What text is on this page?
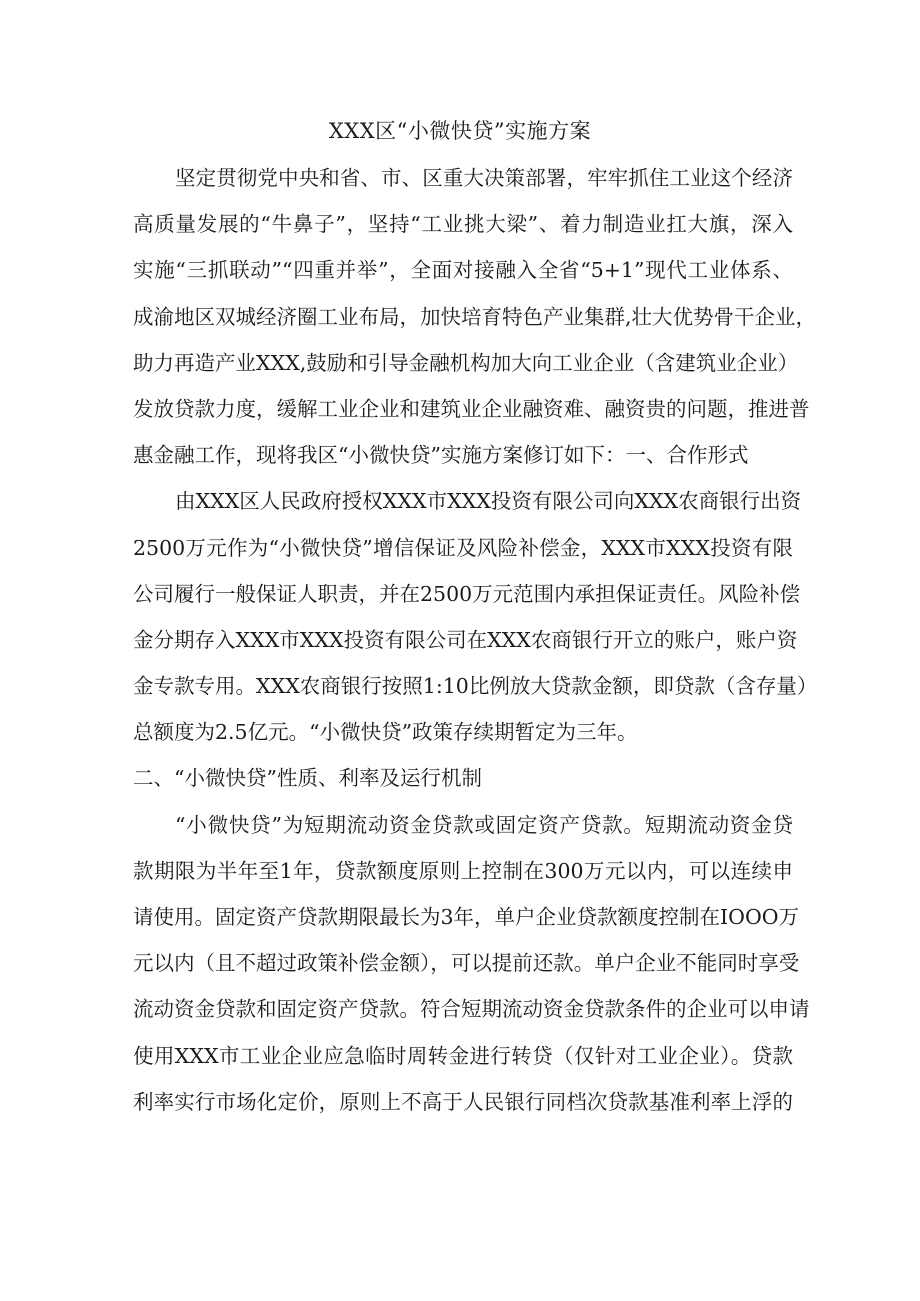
XXX区“小微快贷”实施方案
坚定贯彻党中央和省、市、区重大决策部署，牢牢抓住工业这个经济
高质量发展的“牛鼻子”，坚持“工业挑大梁”、着力制造业扛大旗，深入
实施“三抓联动”“四重并举”，全面对接融入全省“5+1”现代工业体系、
成渝地区双城经济圈工业布局，加快培育特色产业集群,壮大优势骨干企业，
助力再造产业XXX,鼓励和引导金融机构加大向工业企业（含建筑业企业）
发放贷款力度，缓解工业企业和建筑业企业融资难、融资贵的问题，推进普
惠金融工作，现将我区“小微快贷”实施方案修订如下：一、合作形式
由XXX区人民政府授权XXX市XXX投资有限公司向XXX农商银行出资
2500万元作为“小微快贷”增信保证及风险补偿金，XXX市XXX投资有限
公司履行一般保证人职责，并在2500万元范围内承担保证责任。风险补偿
金分期存入XXX市XXX投资有限公司在XXX农商银行开立的账户，账户资
金专款专用。XXX农商银行按照1:10比例放大贷款金额，即贷款（含存量）
总额度为2.5亿元。“小微快贷”政策存续期暂定为三年。
二、“小微快贷”性质、利率及运行机制
“小微快贷”为短期流动资金贷款或固定资产贷款。短期流动资金贷
款期限为半年至1年，贷款额度原则上控制在300万元以内，可以连续申
请使用。固定资产贷款期限最长为3年，单户企业贷款额度控制在IOOO万
元以内（且不超过政策补偿金额），可以提前还款。单户企业不能同时享受
流动资金贷款和固定资产贷款。符合短期流动资金贷款条件的企业可以申请
使用XXX市工业企业应急临时周转金进行转贷（仅针对工业企业）。贷款
利率实行市场化定价，原则上不高于人民银行同档次贷款基准利率上浮的
